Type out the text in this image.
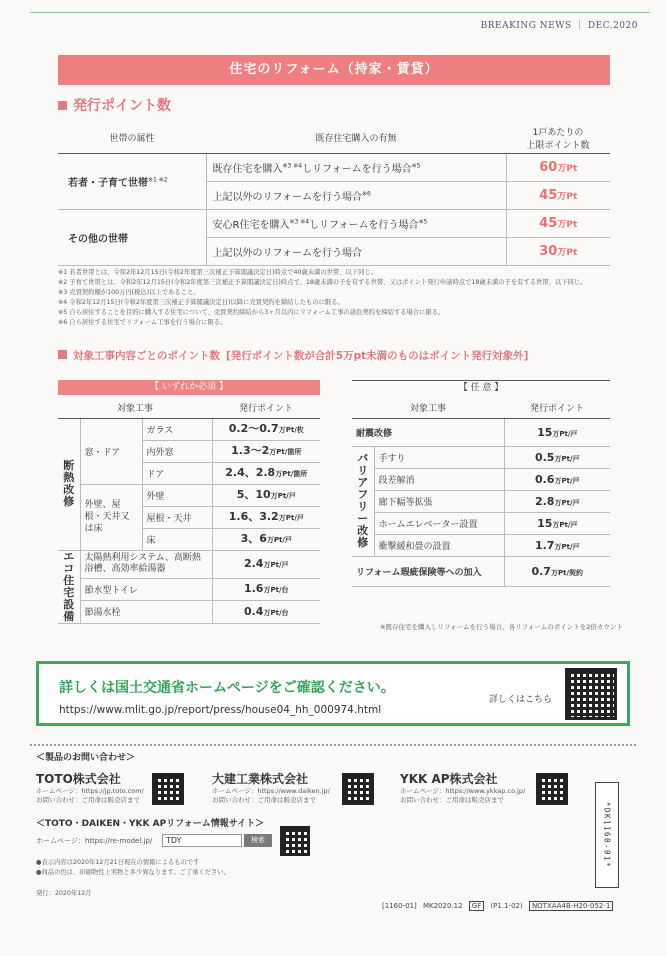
BREAKING NEWS ｜ DEC.2020
住宅のリフォーム（持家・賃貸）
発行ポイント数
世帯の属性	既存住宅購入の有無	1戸あたりの
上限ポイント数
若者・子育て世帯$^{※1 ※2}$	既存住宅を購入$^{※3 ※4}$しリフォームを行う場合$^{※5}$	60万Pt
	上記以外のリフォームを行う場合$^{※6}$	45万Pt
その他の世帯	安心R住宅を購入$^{※3 ※4}$しリフォームを行う場合$^{※5}$	45万Pt
	上記以外のリフォームを行う場合	30万Pt
※1 若者世帯とは、令和2年12月15日(令和2年度第三次補正予算閣議決定日)時点で40歳未満の世帯、以下同じ。
※2 子育て世帯とは、令和2年12月15日(令和2年度第三次補正予算閣議決定日)時点で、18歳未満の子を有する世帯、又はポイント発行申請時点で18歳未満の子を有する世帯、以下同じ。
※3 売買契約額が100万円(税込)以上であること。
※4 令和2年12月15日(令和2年度第三次補正予算閣議決定日)以降に売買契約を締結したものに限る。
※5 自ら居住することを目的に購入する住宅について、売買契約締結から3ヶ月以内にリフォーム工事の請負契約を締結する場合に限る。
※6 自ら居住する住宅でリフォーム工事を行う場合に限る。
対象工事内容ごとのポイント数 [発行ポイント数が合計5万pt未満のものはポイント発行対象外]
【 いずれか必須 】	【 任 意 】
対象工事			発行ポイント

断熱改修	窓・ドア	ガラス	0.2～0.7万Pt/枚
		内外窓	1.3～2万Pt/箇所
		ドア	2.4、2.8万Pt/箇所
	外壁、屋根・天井又は床	外壁	5、10万Pt/戸
		屋根・天井	1.6、3.2万Pt/戸
		床	3、6万Pt/戸

エコ住宅設備	太陽熱利用システム、高断熱浴槽、高効率給湯器		2.4万Pt/戸
	節水型トイレ		1.6万Pt/台
	節湯水栓		0.4万Pt/台
対象工事		発行ポイント
耐震改修		15万Pt/戸

バリアフリー改修	手すり	0.5万Pt/戸
	段差解消	0.6万Pt/戸
	廊下幅等拡張	2.8万Pt/戸
	ホームエレベーター設置	15万Pt/戸
	衝撃緩和畳の設置	1.7万Pt/戸
リフォーム瑕疵保険等への加入		0.7万Pt/契約
※既存住宅を購入しリフォームを行う場合、各リフォームのポイントを2倍カウント
詳しくは国土交通省ホームページをご確認ください。
https://www.mlit.go.jp/report/press/house04_hh_000974.html
詳しくはこちら
＜製品のお問い合わせ＞
TOTO株式会社
ホームページ：https://jp.toto.com/
お問い合わせ：ご用命は販売店まで
大建工業株式会社
ホームページ：https://www.daiken.jp/
お問い合わせ：ご用命は販売店まで
YKK AP株式会社
ホームページ：https://www.ykkap.co.jp/
お問い合わせ：ご用命は販売店まで
＜TOTO・DAIKEN・YKK APリフォーム情報サイト＞
ホームページ：https://re-model.jp/	TDY	検索
●表示内容は2020年12月21日現在の情報によるものです
●商品の色は、印刷物性上実物と多少異なります。ご了承ください。
発行：2020年12月
[1160-01] MK2020.12 GF (P1.1-02) NOTXAA4B-H20-052-1
*DK1160-01*
